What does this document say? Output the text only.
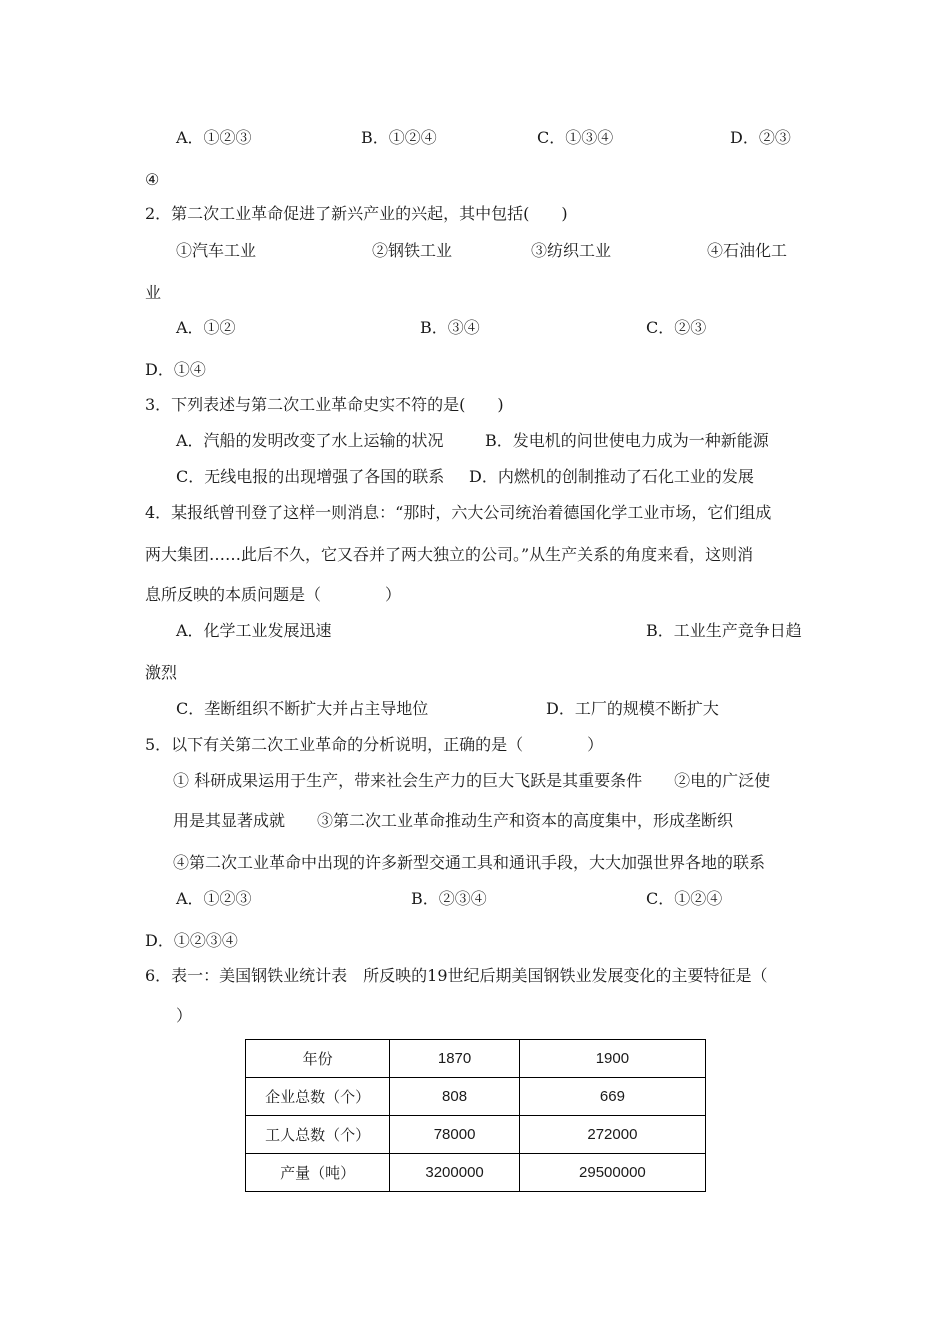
A．①②③	B．①②④	C．①③④	D．②③
④
2．第二次工业革命促进了新兴产业的兴起，其中包括(　　)
①汽车工业	②钢铁工业	③纺织工业	④石油化工
业
A．①②	B．③④	C．②③
D．①④
3．下列表述与第二次工业革命史实不符的是(　　)
A．汽船的发明改变了水上运输的状况	B．发电机的问世使电力成为一种新能源
C．无线电报的出现增强了各国的联系 D．内燃机的创制推动了石化工业的发展
4．某报纸曾刊登了这样一则消息：“那时，六大公司统治着德国化学工业市场，它们组成
两大集团……此后不久，它又吞并了两大独立的公司。”从生产关系的角度来看，这则消
息所反映的本质问题是（　　　　）
A．化学工业发展迅速	B．工业生产竞争日趋
激烈
C．垄断组织不断扩大并占主导地位	D．工厂的规模不断扩大
5．以下有关第二次工业革命的分析说明，正确的是（　　　　）
① 科研成果运用于生产，带来社会生产力的巨大飞跃是其重要条件　　②电的广泛使
用是其显著成就　　③第二次工业革命推动生产和资本的高度集中，形成垄断织
④第二次工业革命中出现的许多新型交通工具和通讯手段，大大加强世界各地的联系
A．①②③	B．②③④	C．①②④
D．①②③④
6．表一：美国钢铁业统计表　所反映的19世纪后期美国钢铁业发展变化的主要特征是（
）
年份	1870	1900
企业总数（个）	808	669
工人总数（个）	78000	272000
产量（吨）	3200000	29500000
